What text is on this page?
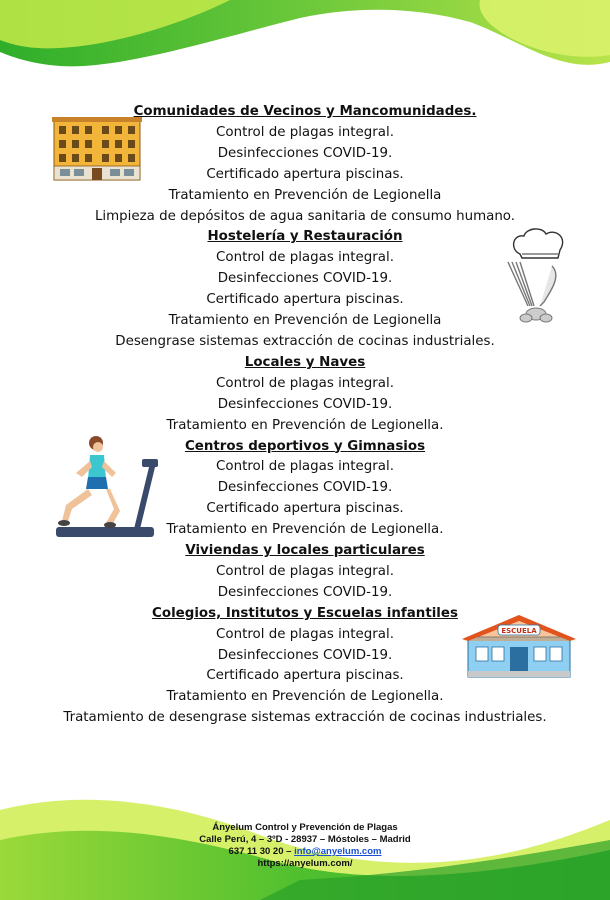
ESCUELA
Comunidades de Vecinos y Mancomunidades.
Control de plagas integral.
Desinfecciones COVID-19.
Certificado apertura piscinas.
Tratamiento en Prevención de Legionella
Limpieza de depósitos de agua sanitaria de consumo humano.
Hostelería y Restauración
Control de plagas integral.
Desinfecciones COVID-19.
Certificado apertura piscinas.
Tratamiento en Prevención de Legionella
Desengrase sistemas extracción de cocinas industriales.
Locales y Naves
Control de plagas integral.
Desinfecciones COVID-19.
Tratamiento en Prevención de Legionella.
Centros deportivos y Gimnasios
Control de plagas integral.
Desinfecciones COVID-19.
Certificado apertura piscinas.
Tratamiento en Prevención de Legionella.
Viviendas y locales particulares
Control de plagas integral.
Desinfecciones COVID-19.
Colegios, Institutos y Escuelas infantiles
Control de plagas integral.
Desinfecciones COVID-19.
Certificado apertura piscinas.
Tratamiento en Prevención de Legionella.
Tratamiento de desengrase sistemas extracción de cocinas industriales.
Ányelum Control y Prevención de Plagas
Calle Perú, 4 – 3ºD - 28937 – Móstoles – Madrid
637 11 30 20 – info@anyelum.com
https://anyelum.com/
